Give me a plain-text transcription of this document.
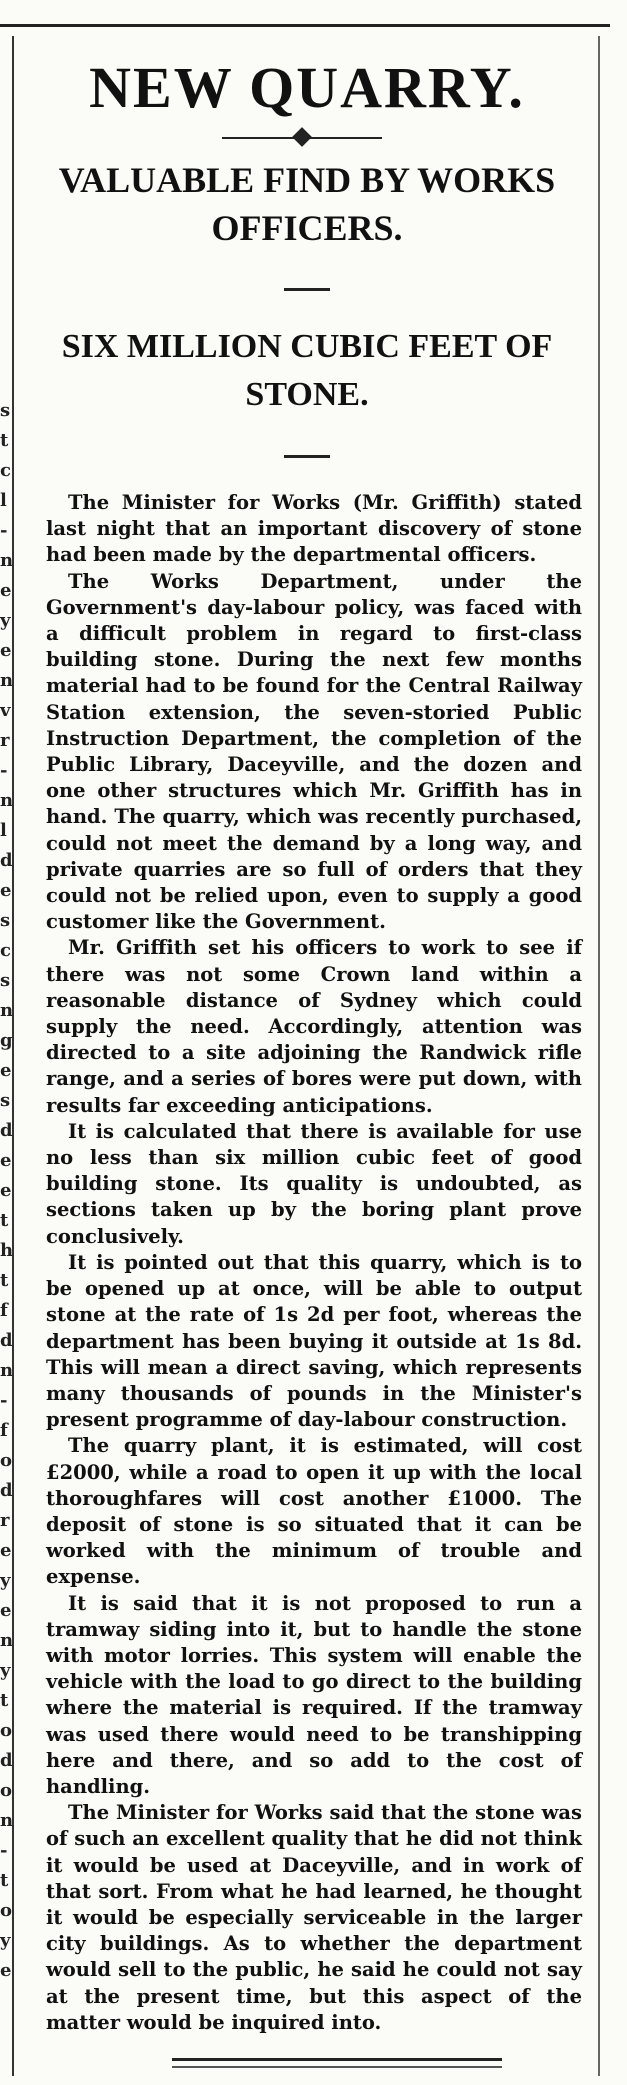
s
t
c
l
-
n
e
y
e
n
v
r
-
n
l
d
e
s
c
s
n
g
e
s
d
e
e
t
h
t
f
d
n
-
f
o
d
r
e
y
e
n
y
t
o
d
o
n
-
t
o
y
e
NEW QUARRY.
VALUABLE FIND BY WORKS OFFICERS.
SIX MILLION CUBIC FEET OF STONE.

The Minister for Works (Mr. Griffith) stated last night that an important discovery of stone had been made by the departmental officers.

The Works Department, under the Government's day-labour policy, was faced with a difficult problem in regard to first-class building stone. During the next few months material had to be found for the Central Railway Station extension, the seven-storied Public Instruction Department, the completion of the Public Library, Daceyville, and the dozen and one other structures which Mr. Griffith has in hand. The quarry, which was recently purchased, could not meet the demand by a long way, and private quarries are so full of orders that they could not be relied upon, even to supply a good customer like the Government.

Mr. Griffith set his officers to work to see if there was not some Crown land within a reasonable distance of Sydney which could supply the need. Accordingly, attention was directed to a site adjoining the Randwick rifle range, and a series of bores were put down, with results far exceeding anticipations.

It is calculated that there is available for use no less than six million cubic feet of good building stone. Its quality is undoubted, as sections taken up by the boring plant prove conclusively.

It is pointed out that this quarry, which is to be opened up at once, will be able to output stone at the rate of 1s 2d per foot, whereas the department has been buying it outside at 1s 8d. This will mean a direct saving, which represents many thousands of pounds in the Minister's present programme of day-labour construction.

The quarry plant, it is estimated, will cost £2000, while a road to open it up with the local thoroughfares will cost another £1000. The deposit of stone is so situated that it can be worked with the minimum of trouble and expense.

It is said that it is not proposed to run a tramway siding into it, but to handle the stone with motor lorries. This system will enable the vehicle with the load to go direct to the building where the material is required. If the tramway was used there would need to be transhipping here and there, and so add to the cost of handling.

The Minister for Works said that the stone was of such an excellent quality that he did not think it would be used at Daceyville, and in work of that sort. From what he had learned, he thought it would be especially serviceable in the larger city buildings. As to whether the department would sell to the public, he said he could not say at the present time, but this aspect of the matter would be inquired into.
